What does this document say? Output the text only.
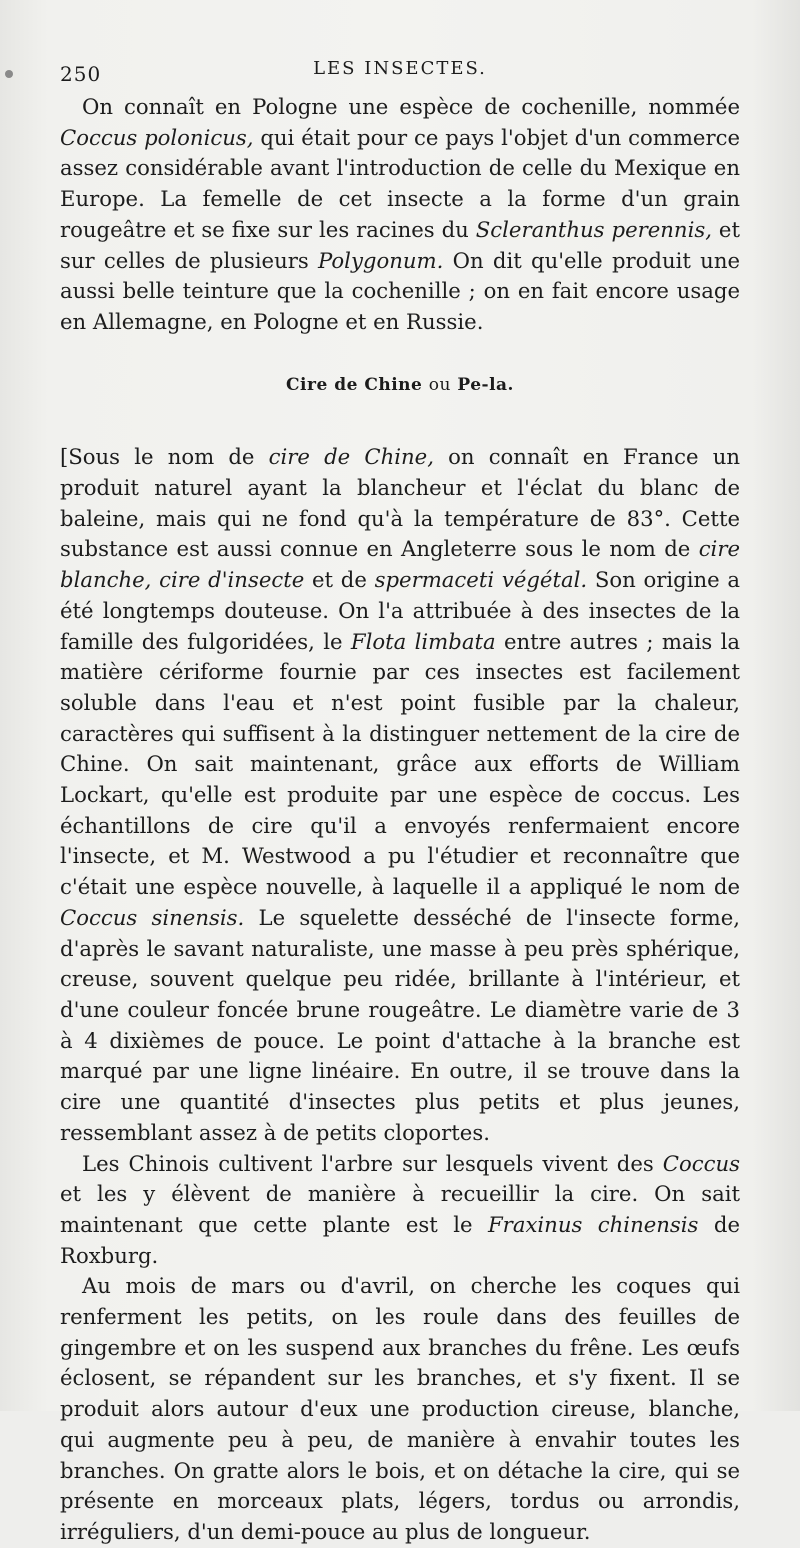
250	LES INSECTES.

On connaît en Pologne une espèce de cochenille, nommée Coccus polonicus, qui était pour ce pays l'objet d'un commerce assez considérable avant l'introduction de celle du Mexique en Europe. La femelle de cet insecte a la forme d'un grain rougeâtre et se fixe sur les racines du Scleranthus perennis, et sur celles de plusieurs Polygonum. On dit qu'elle produit une aussi belle teinture que la cochenille ; on en fait encore usage en Allemagne, en Pologne et en Russie.

Cire de Chine ou Pe-la.

[Sous le nom de cire de Chine, on connaît en France un produit naturel ayant la blancheur et l'éclat du blanc de baleine, mais qui ne fond qu'à la température de 83°. Cette substance est aussi connue en Angleterre sous le nom de cire blanche, cire d'insecte et de spermaceti végétal. Son origine a été longtemps douteuse. On l'a attribuée à des insectes de la famille des fulgoridées, le Flota limbata entre autres ; mais la matière cériforme fournie par ces insectes est facilement soluble dans l'eau et n'est point fusible par la chaleur, caractères qui suffisent à la distinguer nettement de la cire de Chine. On sait maintenant, grâce aux efforts de William Lockart, qu'elle est produite par une espèce de coccus. Les échantillons de cire qu'il a envoyés renfermaient encore l'insecte, et M. Westwood a pu l'étudier et reconnaître que c'était une espèce nouvelle, à laquelle il a appliqué le nom de Coccus sinensis. Le squelette desséché de l'insecte forme, d'après le savant naturaliste, une masse à peu près sphérique, creuse, souvent quelque peu ridée, brillante à l'intérieur, et d'une couleur foncée brune rougeâtre. Le diamètre varie de 3 à 4 dixièmes de pouce. Le point d'attache à la branche est marqué par une ligne linéaire. En outre, il se trouve dans la cire une quantité d'insectes plus petits et plus jeunes, ressemblant assez à de petits cloportes.

Les Chinois cultivent l'arbre sur lesquels vivent des Coccus et les y élèvent de manière à recueillir la cire. On sait maintenant que cette plante est le Fraxinus chinensis de Roxburg.

Au mois de mars ou d'avril, on cherche les coques qui renferment les petits, on les roule dans des feuilles de gingembre et on les suspend aux branches du frêne. Les œufs éclosent, se répandent sur les branches, et s'y fixent. Il se produit alors autour d'eux une production cireuse, blanche, qui augmente peu à peu, de manière à envahir toutes les branches. On gratte alors le bois, et on détache la cire, qui se présente en morceaux plats, légers, tordus ou arrondis, irréguliers, d'un demi-pouce au plus de longueur.
